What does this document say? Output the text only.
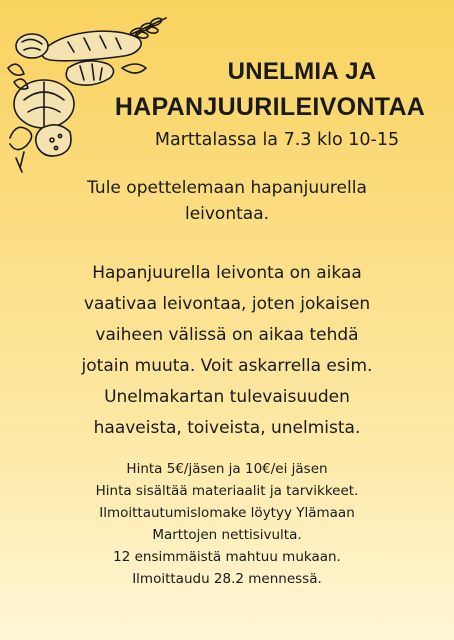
UNELMIA JA
HAPANJUURILEIVONTAA

Marttalassa la 7.3 klo 10-15

Tule opettelemaan hapanjuurella
leivontaa.

Hapanjuurella leivonta on aikaa
vaativaa leivontaa, joten jokaisen
vaiheen välissä on aikaa tehdä
jotain muuta. Voit askarrella esim.
Unelmakartan tulevaisuuden
haaveista, toiveista, unelmista.

Hinta 5€/jäsen ja 10€/ei jäsen
Hinta sisältää materiaalit ja tarvikkeet.
Ilmoittautumislomake löytyy Ylämaan
Marttojen nettisivulta.
12 ensimmäistä mahtuu mukaan.
Ilmoittaudu 28.2 mennessä.
